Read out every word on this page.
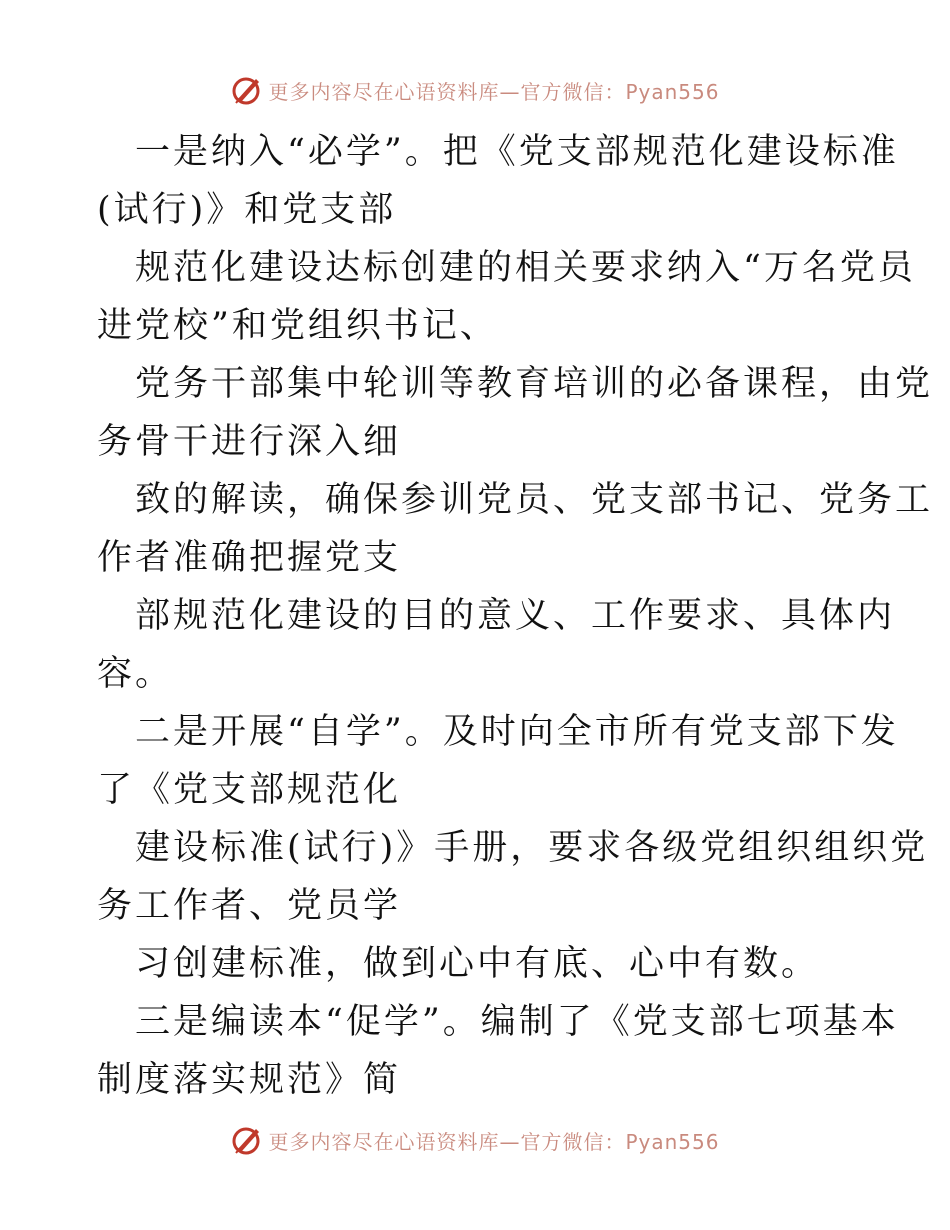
更多内容尽在心语资料库—官方微信：Pyan556

一是纳入“必学”。把《党支部规范化建设标准

(试行)》和党支部

规范化建设达标创建的相关要求纳入“万名党员

进党校”和党组织书记、

党务干部集中轮训等教育培训的必备课程，由党

务骨干进行深入细

致的解读，确保参训党员、党支部书记、党务工

作者准确把握党支

部规范化建设的目的意义、工作要求、具体内

容。

二是开展“自学”。及时向全市所有党支部下发

了《党支部规范化

建设标准(试行)》手册，要求各级党组织组织党

务工作者、党员学

习创建标准，做到心中有底、心中有数。

三是编读本“促学”。编制了《党支部七项基本

制度落实规范》简

更多内容尽在心语资料库—官方微信：Pyan556
